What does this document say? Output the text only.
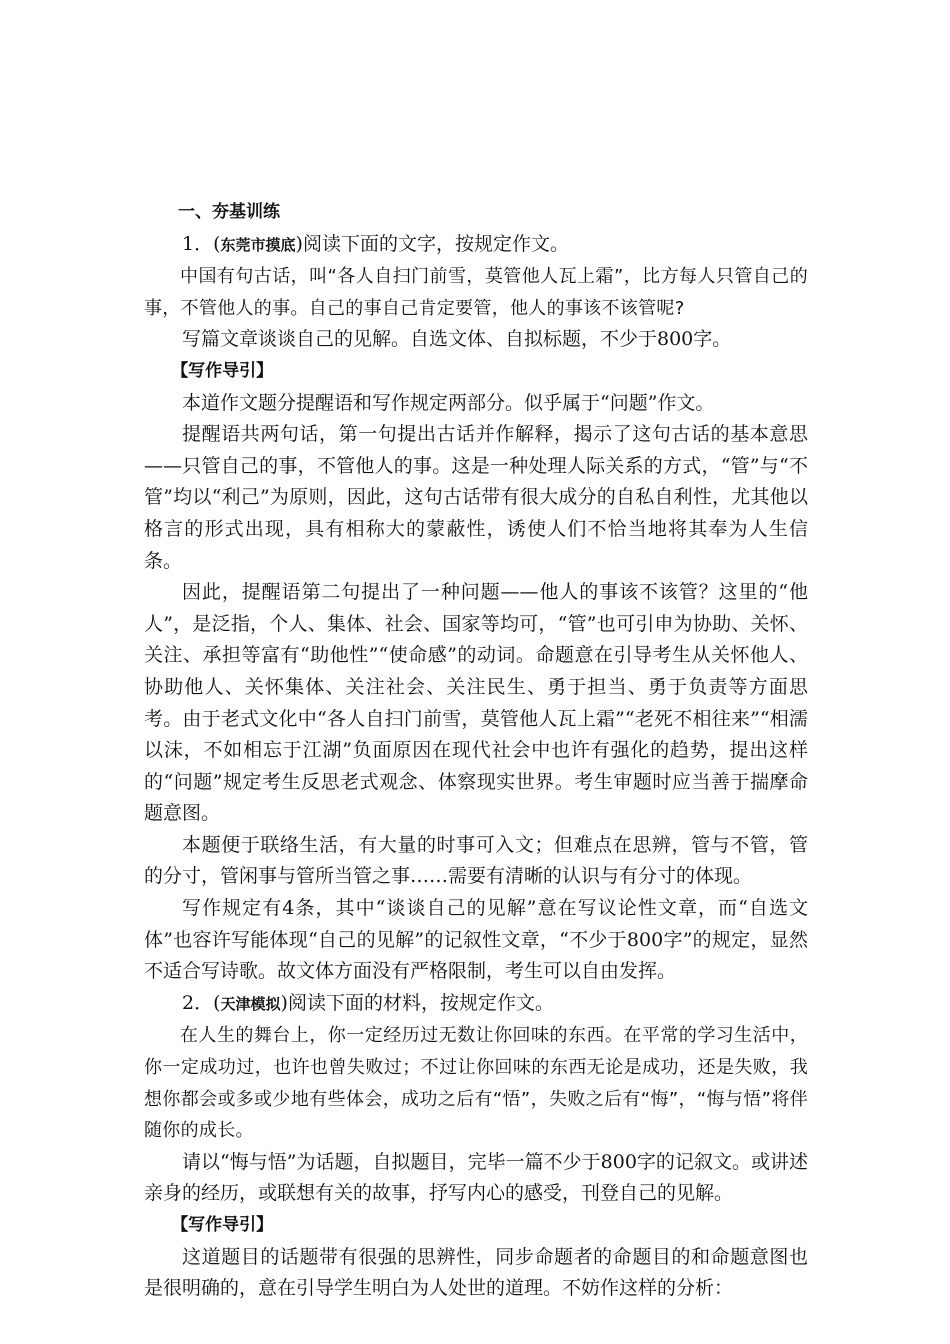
一、夯基训练

1．(东莞市摸底)阅读下面的文字，按规定作文。

中国有句古话，叫“各人自扫门前雪，莫管他人瓦上霜”，比方每人只管自己的事，不管他人的事。自己的事自己肯定要管，他人的事该不该管呢?

写篇文章谈谈自己的见解。自选文体、自拟标题，不少于800字。

【写作导引】

本道作文题分提醒语和写作规定两部分。似乎属于“问题”作文。

提醒语共两句话，第一句提出古话并作解释，揭示了这句古话的基本意思——只管自己的事，不管他人的事。这是一种处理人际关系的方式，“管”与“不管”均以“利己”为原则，因此，这句古话带有很大成分的自私自利性，尤其他以格言的形式出现，具有相称大的蒙蔽性，诱使人们不恰当地将其奉为人生信条。

因此，提醒语第二句提出了一种问题——他人的事该不该管？这里的“他人”，是泛指，个人、集体、社会、国家等均可，“管”也可引申为协助、关怀、关注、承担等富有“助他性”“使命感”的动词。命题意在引导考生从关怀他人、协助他人、关怀集体、关注社会、关注民生、勇于担当、勇于负责等方面思考。由于老式文化中“各人自扫门前雪，莫管他人瓦上霜”“老死不相往来”“相濡以沫，不如相忘于江湖”负面原因在现代社会中也许有强化的趋势，提出这样的“问题”规定考生反思老式观念、体察现实世界。考生审题时应当善于揣摩命题意图。

本题便于联络生活，有大量的时事可入文；但难点在思辨，管与不管，管的分寸，管闲事与管所当管之事……需要有清晰的认识与有分寸的体现。

写作规定有4条，其中“谈谈自己的见解”意在写议论性文章，而“自选文体”也容许写能体现“自己的见解”的记叙性文章，“不少于800字”的规定，显然不适合写诗歌。故文体方面没有严格限制，考生可以自由发挥。

2．(天津模拟)阅读下面的材料，按规定作文。

在人生的舞台上，你一定经历过无数让你回味的东西。在平常的学习生活中，你一定成功过，也许也曾失败过；不过让你回味的东西无论是成功，还是失败，我想你都会或多或少地有些体会，成功之后有“悟”，失败之后有“悔”，“悔与悟”将伴随你的成长。

请以“悔与悟”为话题，自拟题目，完毕一篇不少于800字的记叙文。或讲述亲身的经历，或联想有关的故事，抒写内心的感受，刊登自己的见解。

【写作导引】

这道题目的话题带有很强的思辨性，同步命题者的命题目的和命题意图也是很明确的，意在引导学生明白为人处世的道理。不妨作这样的分析：
